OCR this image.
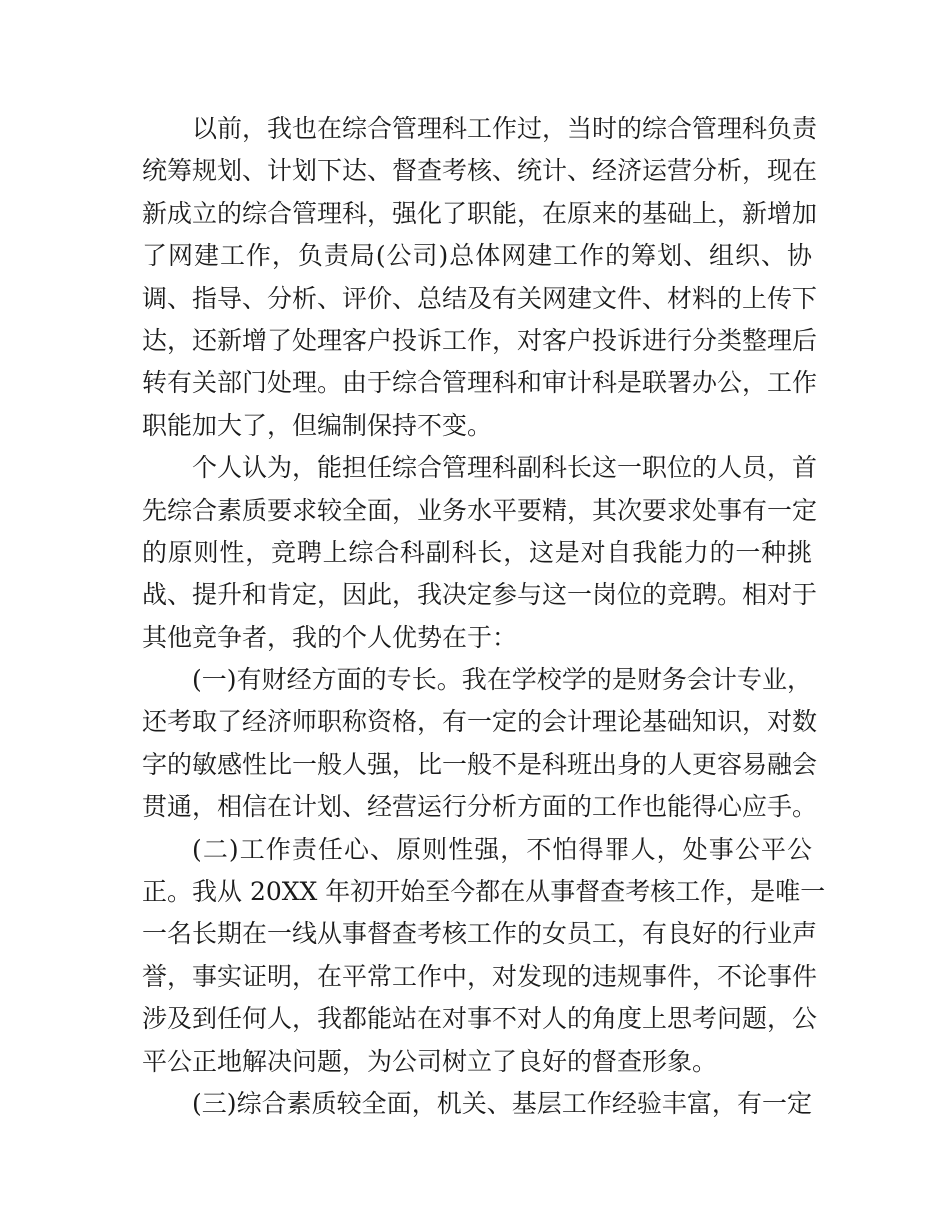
以前，我也在综合管理科工作过，当时的综合管理科负责
统筹规划、计划下达、督查考核、统计、经济运营分析，现在
新成立的综合管理科，强化了职能，在原来的基础上，新增加
了网建工作，负责局(公司)总体网建工作的筹划、组织、协
调、指导、分析、评价、总结及有关网建文件、材料的上传下
达，还新增了处理客户投诉工作，对客户投诉进行分类整理后
转有关部门处理。由于综合管理科和审计科是联署办公，工作
职能加大了，但编制保持不变。
个人认为，能担任综合管理科副科长这一职位的人员，首
先综合素质要求较全面，业务水平要精，其次要求处事有一定
的原则性，竞聘上综合科副科长，这是对自我能力的一种挑
战、提升和肯定，因此，我决定参与这一岗位的竞聘。相对于
其他竞争者，我的个人优势在于：
(一)有财经方面的专长。我在学校学的是财务会计专业，
还考取了经济师职称资格，有一定的会计理论基础知识，对数
字的敏感性比一般人强，比一般不是科班出身的人更容易融会
贯通，相信在计划、经营运行分析方面的工作也能得心应手。
(二)工作责任心、原则性强，不怕得罪人，处事公平公
正。我从 20XX 年初开始至今都在从事督查考核工作，是唯一
一名长期在一线从事督查考核工作的女员工，有良好的行业声
誉，事实证明，在平常工作中，对发现的违规事件，不论事件
涉及到任何人，我都能站在对事不对人的角度上思考问题，公
平公正地解决问题，为公司树立了良好的督查形象。
(三)综合素质较全面，机关、基层工作经验丰富，有一定
